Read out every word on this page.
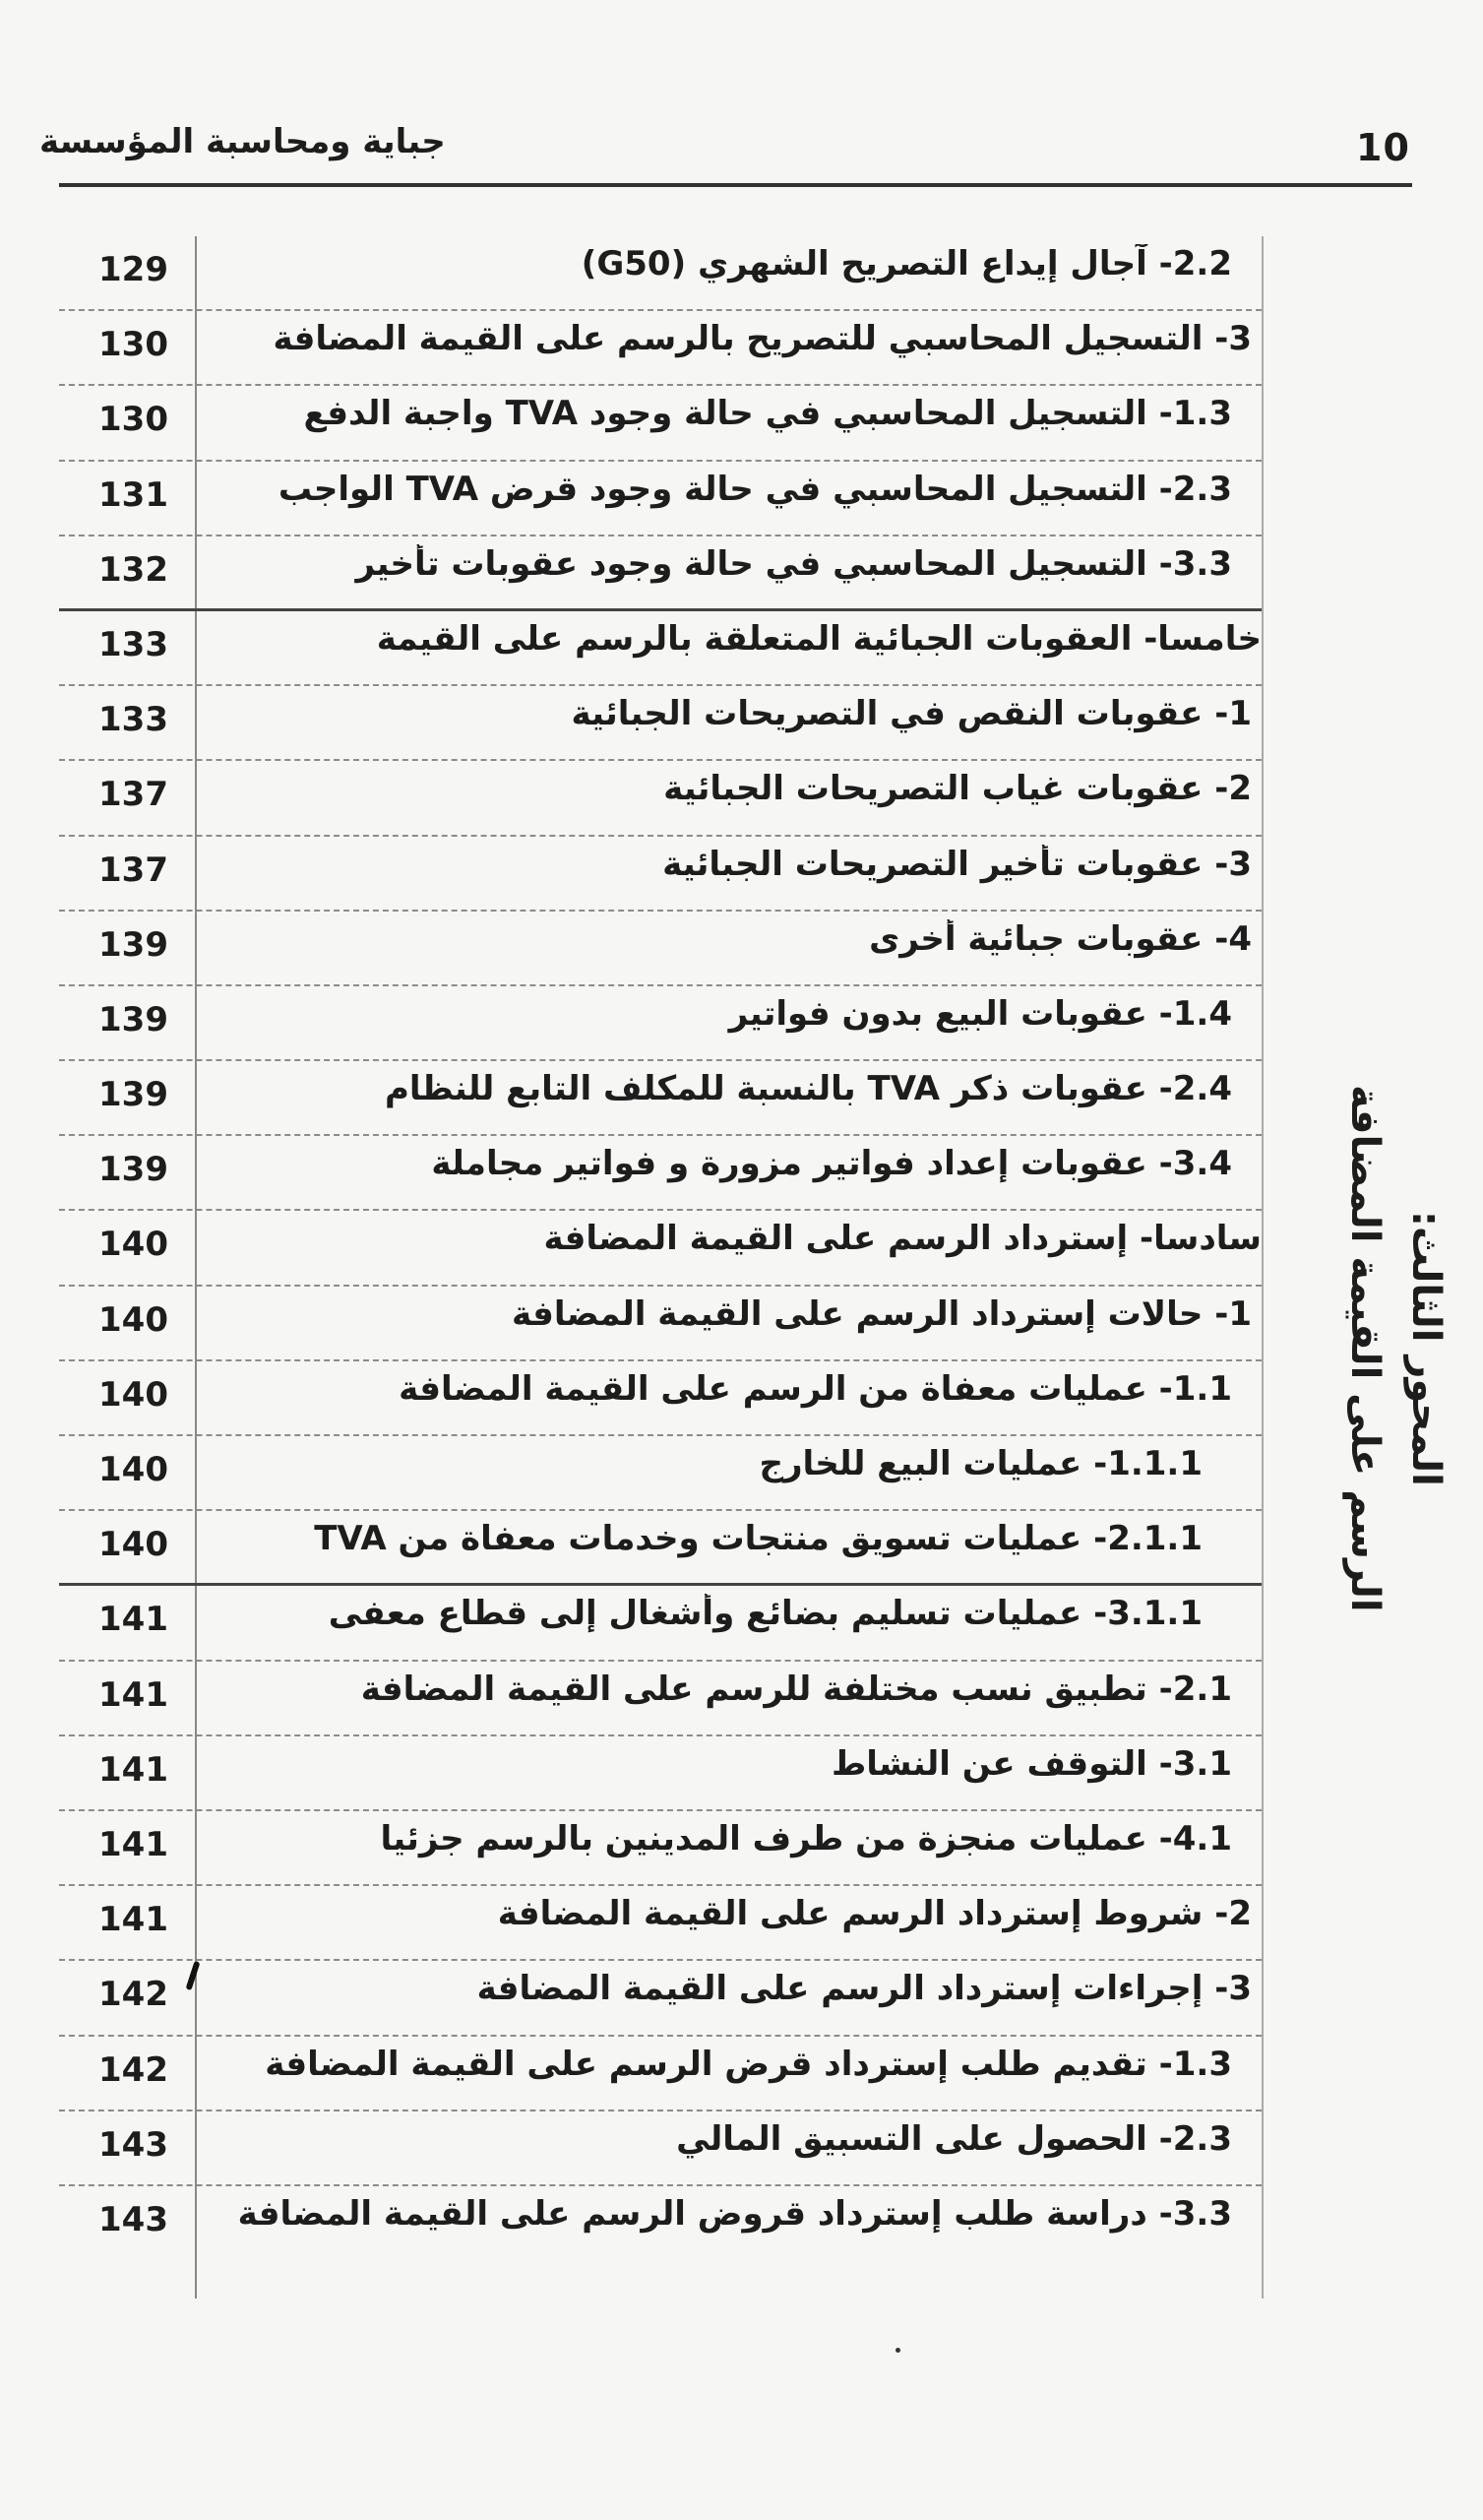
10
جباية ومحاسبة المؤسسة
129	2.2- آجال إيداع التصريح الشهري (G50)
130	3- التسجيل المحاسبي للتصريح بالرسم على القيمة المضافة
130	1.3- التسجيل المحاسبي في حالة وجود TVA واجبة الدفع
131	2.3- التسجيل المحاسبي في حالة وجود قرض TVA الواجب
132	3.3- التسجيل المحاسبي في حالة وجود عقوبات تأخير
133	خامسا- العقوبات الجبائية المتعلقة بالرسم على القيمة
133	1- عقوبات النقص في التصريحات الجبائية
137	2- عقوبات غياب التصريحات الجبائية
137	3- عقوبات تأخير التصريحات الجبائية
139	4- عقوبات جبائية أخرى
139	1.4- عقوبات البيع بدون فواتير
139	2.4- عقوبات ذكر TVA بالنسبة للمكلف التابع للنظام
139	3.4- عقوبات إعداد فواتير مزورة و فواتير مجاملة
140	سادسا- إسترداد الرسم على القيمة المضافة
140	1- حالات إسترداد الرسم على القيمة المضافة
140	1.1- عمليات معفاة من الرسم على القيمة المضافة
140	1.1.1- عمليات البيع للخارج
140	2.1.1- عمليات تسويق منتجات وخدمات معفاة من TVA
141	3.1.1- عمليات تسليم بضائع وأشغال إلى قطاع معفى
141	2.1- تطبيق نسب مختلفة للرسم على القيمة المضافة
141	3.1- التوقف عن النشاط
141	4.1- عمليات منجزة من طرف المدينين بالرسم جزئيا
141	2- شروط إسترداد الرسم على القيمة المضافة
142	3- إجراءات إسترداد الرسم على القيمة المضافة
142	1.3- تقديم طلب إسترداد قرض الرسم على القيمة المضافة
143	2.3- الحصول على التسبيق المالي
143	3.3- دراسة طلب إسترداد قروض الرسم على القيمة المضافة
المحور الثالث:
الرسم على القيمة المضافة
